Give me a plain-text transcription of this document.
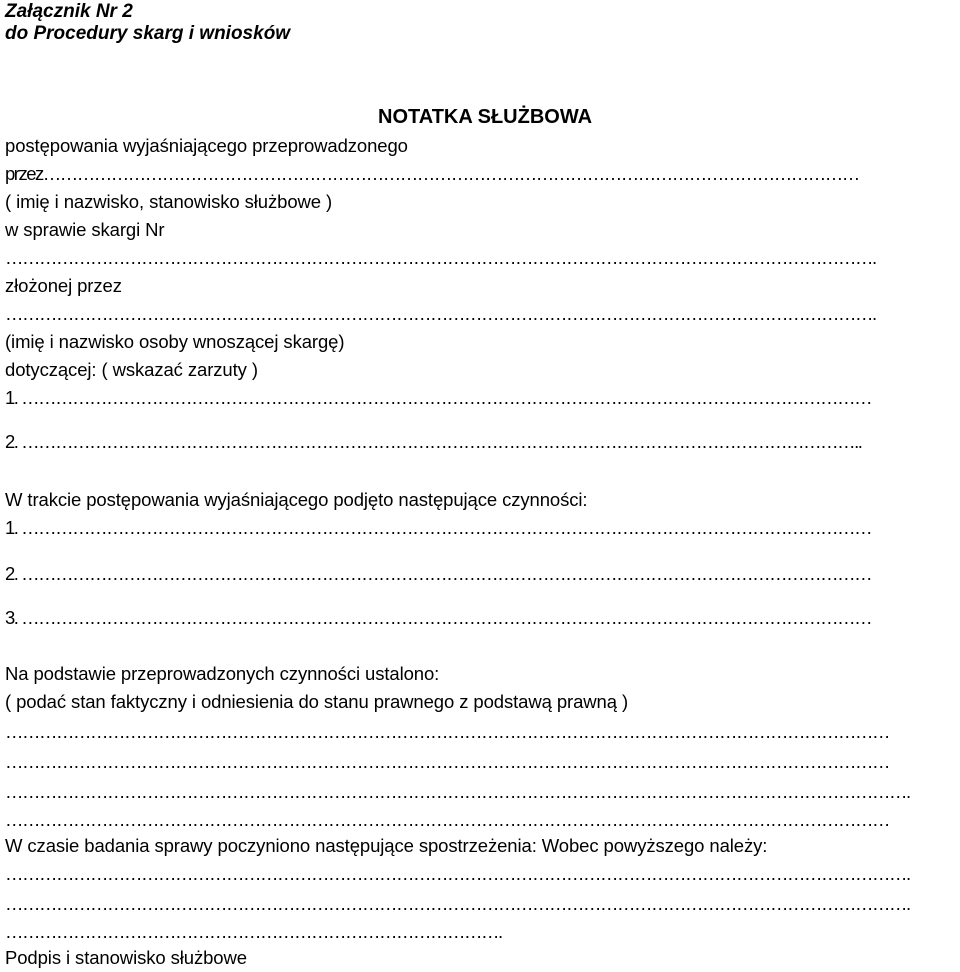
Załącznik Nr 2
do Procedury skarg i wniosków
NOTATKA SŁUŻBOWA
postępowania wyjaśniającego przeprowadzonego
przez………………………………………………………………………………………………………………………………
( imię i nazwisko, stanowisko służbowe )
w sprawie skargi Nr
……………………………………………………………………………………………………………………………………….
złożonej przez
……………………………………………………………………………………………………………………………………….
(imię i nazwisko osoby wnoszącej skargę)
dotyczącej: ( wskazać zarzuty )
1. ……………………………………………………………………………………………………………………………………
2. …………………………………………………………………………………………………………………………………..
W trakcie postępowania wyjaśniającego podjęto następujące czynności:
1. ……………………………………………………………………………………………………………………………………
2. ……………………………………………………………………………………………………………………………………
3. ……………………………………………………………………………………………………………………………………
Na podstawie przeprowadzonych czynności ustalono:
( podać stan faktyczny i odniesienia do stanu prawnego z podstawą prawną )
…………………………………………………………………………………………………………………………………………
…………………………………………………………………………………………………………………………………………
…………………………………………………………………………………………………………………………………………….
…………………………………………………………………………………………………………………………………………
W czasie badania sprawy poczyniono następujące spostrzeżenia: Wobec powyższego należy:
…………………………………………………………………………………………………………………………………………….
…………………………………………………………………………………………………………………………………………….
…………………………………………………………………………….
Podpis i stanowisko służbowe
